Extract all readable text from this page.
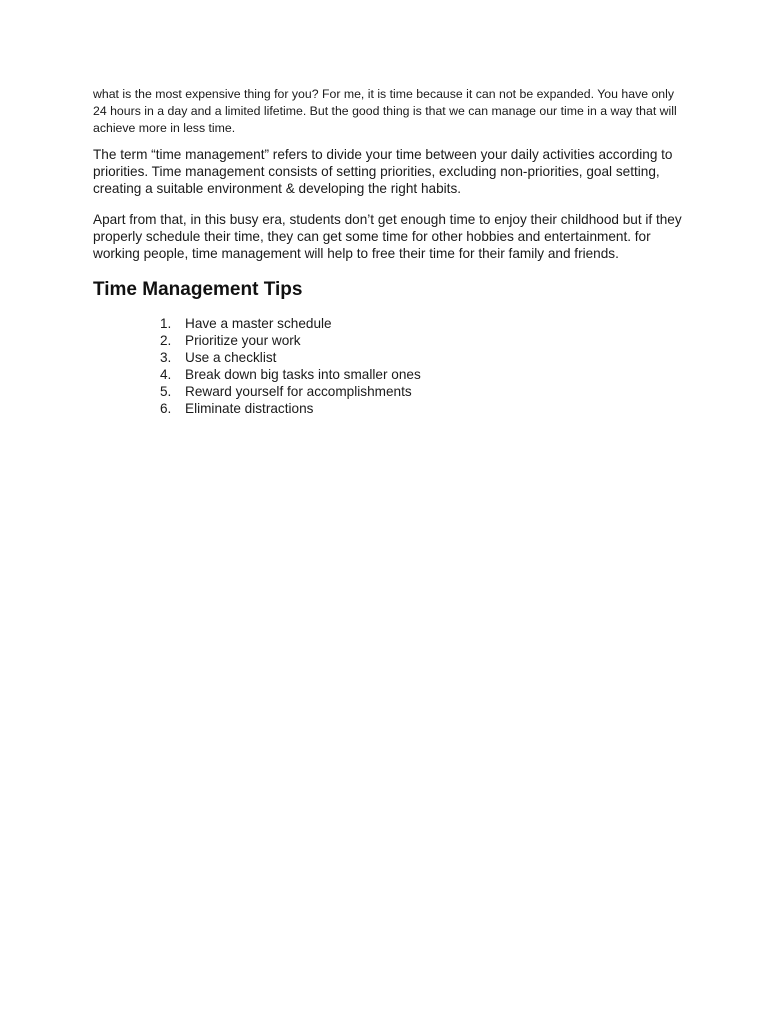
what is the most expensive thing for you? For me, it is time because it can not be expanded. You have only 24 hours in a day and a limited lifetime. But the good thing is that we can manage our time in a way that will achieve more in less time.

The term “time management” refers to divide your time between your daily activities according to priorities. Time management consists of setting priorities, excluding non-priorities, goal setting, creating a suitable environment & developing the right habits.

Apart from that, in this busy era, students don’t get enough time to enjoy their childhood but if they properly schedule their time, they can get some time for other hobbies and entertainment. for working people, time management will help to free their time for their family and friends.

Time Management Tips
1.	Have a master schedule
2.	Prioritize your work
3.	Use a checklist
4.	Break down big tasks into smaller ones
5.	Reward yourself for accomplishments
6.	Eliminate distractions
